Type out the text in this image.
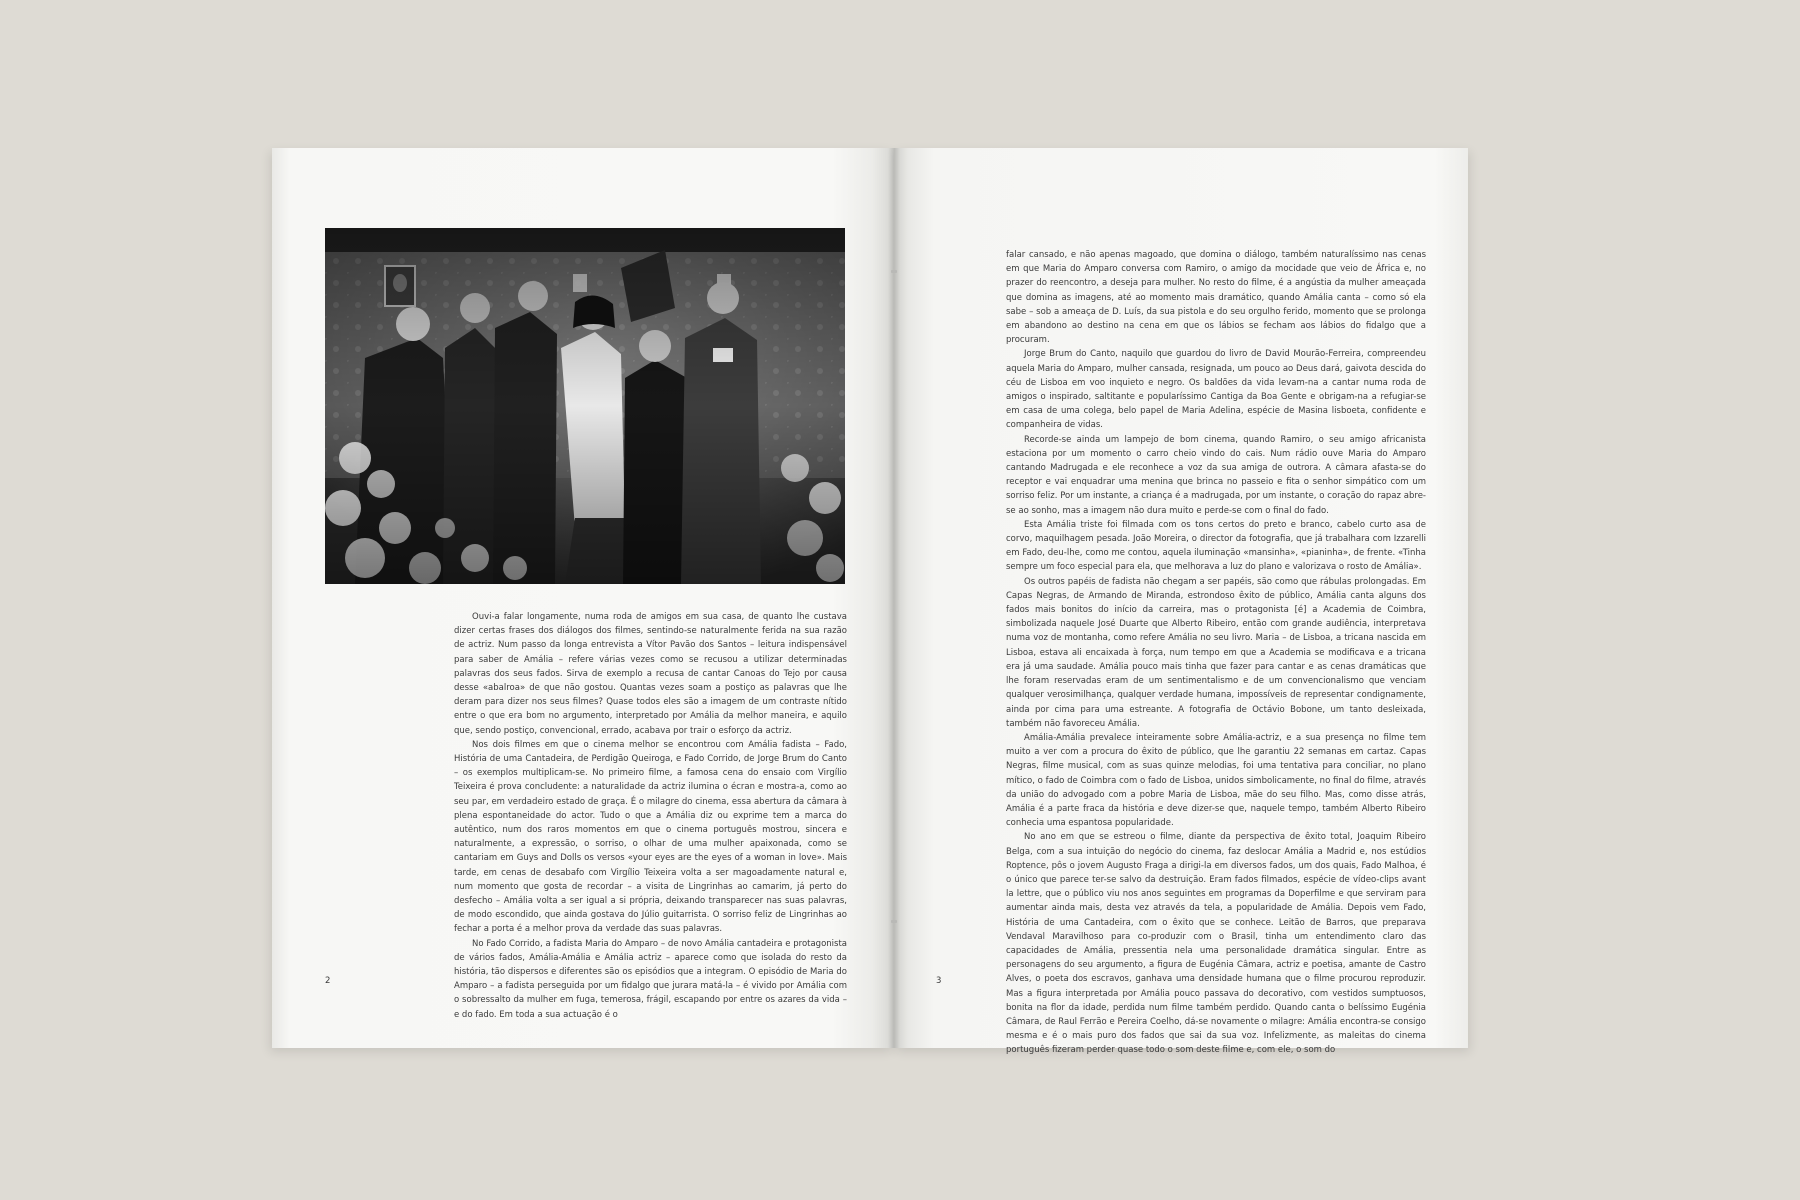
Ouvi-a falar longamente, numa roda de amigos em sua casa, de quanto lhe custava dizer certas frases dos diálogos dos filmes, sentindo-se naturalmente ferida na sua razão de actriz. Num passo da longa entrevista a Vítor Pavão dos Santos – leitura indispensável para saber de Amália – refere várias vezes como se recusou a utilizar determinadas palavras dos seus fados. Sirva de exemplo a recusa de cantar Canoas do Tejo por causa desse «abalroa» de que não gostou. Quantas vezes soam a postiço as palavras que lhe deram para dizer nos seus filmes? Quase todos eles são a imagem de um contraste nítido entre o que era bom no argumento, interpretado por Amália da melhor maneira, e aquilo que, sendo postiço, convencional, errado, acabava por trair o esforço da actriz.

Nos dois filmes em que o cinema melhor se encontrou com Amália fadista – Fado, História de uma Cantadeira, de Perdigão Queiroga, e Fado Corrido, de Jorge Brum do Canto – os exemplos multiplicam-se. No primeiro filme, a famosa cena do ensaio com Virgílio Teixeira é prova concludente: a naturalidade da actriz ilumina o écran e mostra-a, como ao seu par, em verdadeiro estado de graça. É o milagre do cinema, essa abertura da câmara à plena espontaneidade do actor. Tudo o que a Amália diz ou exprime tem a marca do autêntico, num dos raros momentos em que o cinema português mostrou, sincera e naturalmente, a expressão, o sorriso, o olhar de uma mulher apaixonada, como se cantariam em Guys and Dolls os versos «your eyes are the eyes of a woman in love». Mais tarde, em cenas de desabafo com Virgílio Teixeira volta a ser magoadamente natural e, num momento que gosta de recordar – a visita de Lingrinhas ao camarim, já perto do desfecho – Amália volta a ser igual a si própria, deixando transparecer nas suas palavras, de modo escondido, que ainda gostava do Júlio guitarrista. O sorriso feliz de Lingrinhas ao fechar a porta é a melhor prova da verdade das suas palavras.

No Fado Corrido, a fadista Maria do Amparo – de novo Amália cantadeira e protagonista de vários fados, Amália-Amália e Amália actriz – aparece como que isolada do resto da história, tão dispersos e diferentes são os episódios que a integram. O episódio de Maria do Amparo – a fadista perseguida por um fidalgo que jurara matá-la – é vivido por Amália com o sobressalto da mulher em fuga, temerosa, frágil, escapando por entre os azares da vida – e do fado. Em toda a sua actuação é o

2

falar cansado, e não apenas magoado, que domina o diálogo, também naturalíssimo nas cenas em que Maria do Amparo conversa com Ramiro, o amigo da mocidade que veio de África e, no prazer do reencontro, a deseja para mulher. No resto do filme, é a angústia da mulher ameaçada que domina as imagens, até ao momento mais dramático, quando Amália canta – como só ela sabe – sob a ameaça de D. Luís, da sua pistola e do seu orgulho ferido, momento que se prolonga em abandono ao destino na cena em que os lábios se fecham aos lábios do fidalgo que a procuram.

Jorge Brum do Canto, naquilo que guardou do livro de David Mourão-Ferreira, compreendeu aquela Maria do Amparo, mulher cansada, resignada, um pouco ao Deus dará, gaivota descida do céu de Lisboa em voo inquieto e negro. Os baldões da vida levam-na a cantar numa roda de amigos o inspirado, saltitante e popularíssimo Cantiga da Boa Gente e obrigam-na a refugiar-se em casa de uma colega, belo papel de Maria Adelina, espécie de Masina lisboeta, confidente e companheira de vidas.

Recorde-se ainda um lampejo de bom cinema, quando Ramiro, o seu amigo africanista estaciona por um momento o carro cheio vindo do cais. Num rádio ouve Maria do Amparo cantando Madrugada e ele reconhece a voz da sua amiga de outrora. A câmara afasta-se do receptor e vai enquadrar uma menina que brinca no passeio e fita o senhor simpático com um sorriso feliz. Por um instante, a criança é a madrugada, por um instante, o coração do rapaz abre-se ao sonho, mas a imagem não dura muito e perde-se com o final do fado.

Esta Amália triste foi filmada com os tons certos do preto e branco, cabelo curto asa de corvo, maquilhagem pesada. João Moreira, o director da fotografia, que já trabalhara com Izzarelli em Fado, deu-lhe, como me contou, aquela iluminação «mansinha», «pianinha», de frente. «Tinha sempre um foco especial para ela, que melhorava a luz do plano e valorizava o rosto de Amália».

Os outros papéis de fadista não chegam a ser papéis, são como que rábulas prolongadas. Em Capas Negras, de Armando de Miranda, estrondoso êxito de público, Amália canta alguns dos fados mais bonitos do início da carreira, mas o protagonista [é] a Academia de Coimbra, simbolizada naquele José Duarte que Alberto Ribeiro, então com grande audiência, interpretava numa voz de montanha, como refere Amália no seu livro. Maria – de Lisboa, a tricana nascida em Lisboa, estava ali encaixada à força, num tempo em que a Academia se modificava e a tricana era já uma saudade. Amália pouco mais tinha que fazer para cantar e as cenas dramáticas que lhe foram reservadas eram de um sentimentalismo e de um convencionalismo que venciam qualquer verosimilhança, qualquer verdade humana, impossíveis de representar condignamente, ainda por cima para uma estreante. A fotografia de Octávio Bobone, um tanto desleixada, também não favoreceu Amália.

Amália-Amália prevalece inteiramente sobre Amália-actriz, e a sua presença no filme tem muito a ver com a procura do êxito de público, que lhe garantiu 22 semanas em cartaz. Capas Negras, filme musical, com as suas quinze melodias, foi uma tentativa para conciliar, no plano mítico, o fado de Coimbra com o fado de Lisboa, unidos simbolicamente, no final do filme, através da união do advogado com a pobre Maria de Lisboa, mãe do seu filho. Mas, como disse atrás, Amália é a parte fraca da história e deve dizer-se que, naquele tempo, também Alberto Ribeiro conhecia uma espantosa popularidade.

No ano em que se estreou o filme, diante da perspectiva de êxito total, Joaquim Ribeiro Belga, com a sua intuição do negócio do cinema, faz deslocar Amália a Madrid e, nos estúdios Roptence, pôs o jovem Augusto Fraga a dirigi-la em diversos fados, um dos quais, Fado Malhoa, é o único que parece ter-se salvo da destruição. Eram fados filmados, espécie de vídeo-clips avant la lettre, que o público viu nos anos seguintes em programas da Doperfilme e que serviram para aumentar ainda mais, desta vez através da tela, a popularidade de Amália. Depois vem Fado, História de uma Cantadeira, com o êxito que se conhece. Leitão de Barros, que preparava Vendaval Maravilhoso para co-produzir com o Brasil, tinha um entendimento claro das capacidades de Amália, pressentia nela uma personalidade dramática singular. Entre as personagens do seu argumento, a figura de Eugénia Câmara, actriz e poetisa, amante de Castro Alves, o poeta dos escravos, ganhava uma densidade humana que o filme procurou reproduzir. Mas a figura interpretada por Amália pouco passava do decorativo, com vestidos sumptuosos, bonita na flor da idade, perdida num filme também perdido. Quando canta o belíssimo Eugénia Câmara, de Raul Ferrão e Pereira Coelho, dá-se novamente o milagre: Amália encontra-se consigo mesma e é o mais puro dos fados que sai da sua voz. Infelizmente, as maleitas do cinema português fizeram perder quase todo o som deste filme e, com ele, o som do

3
